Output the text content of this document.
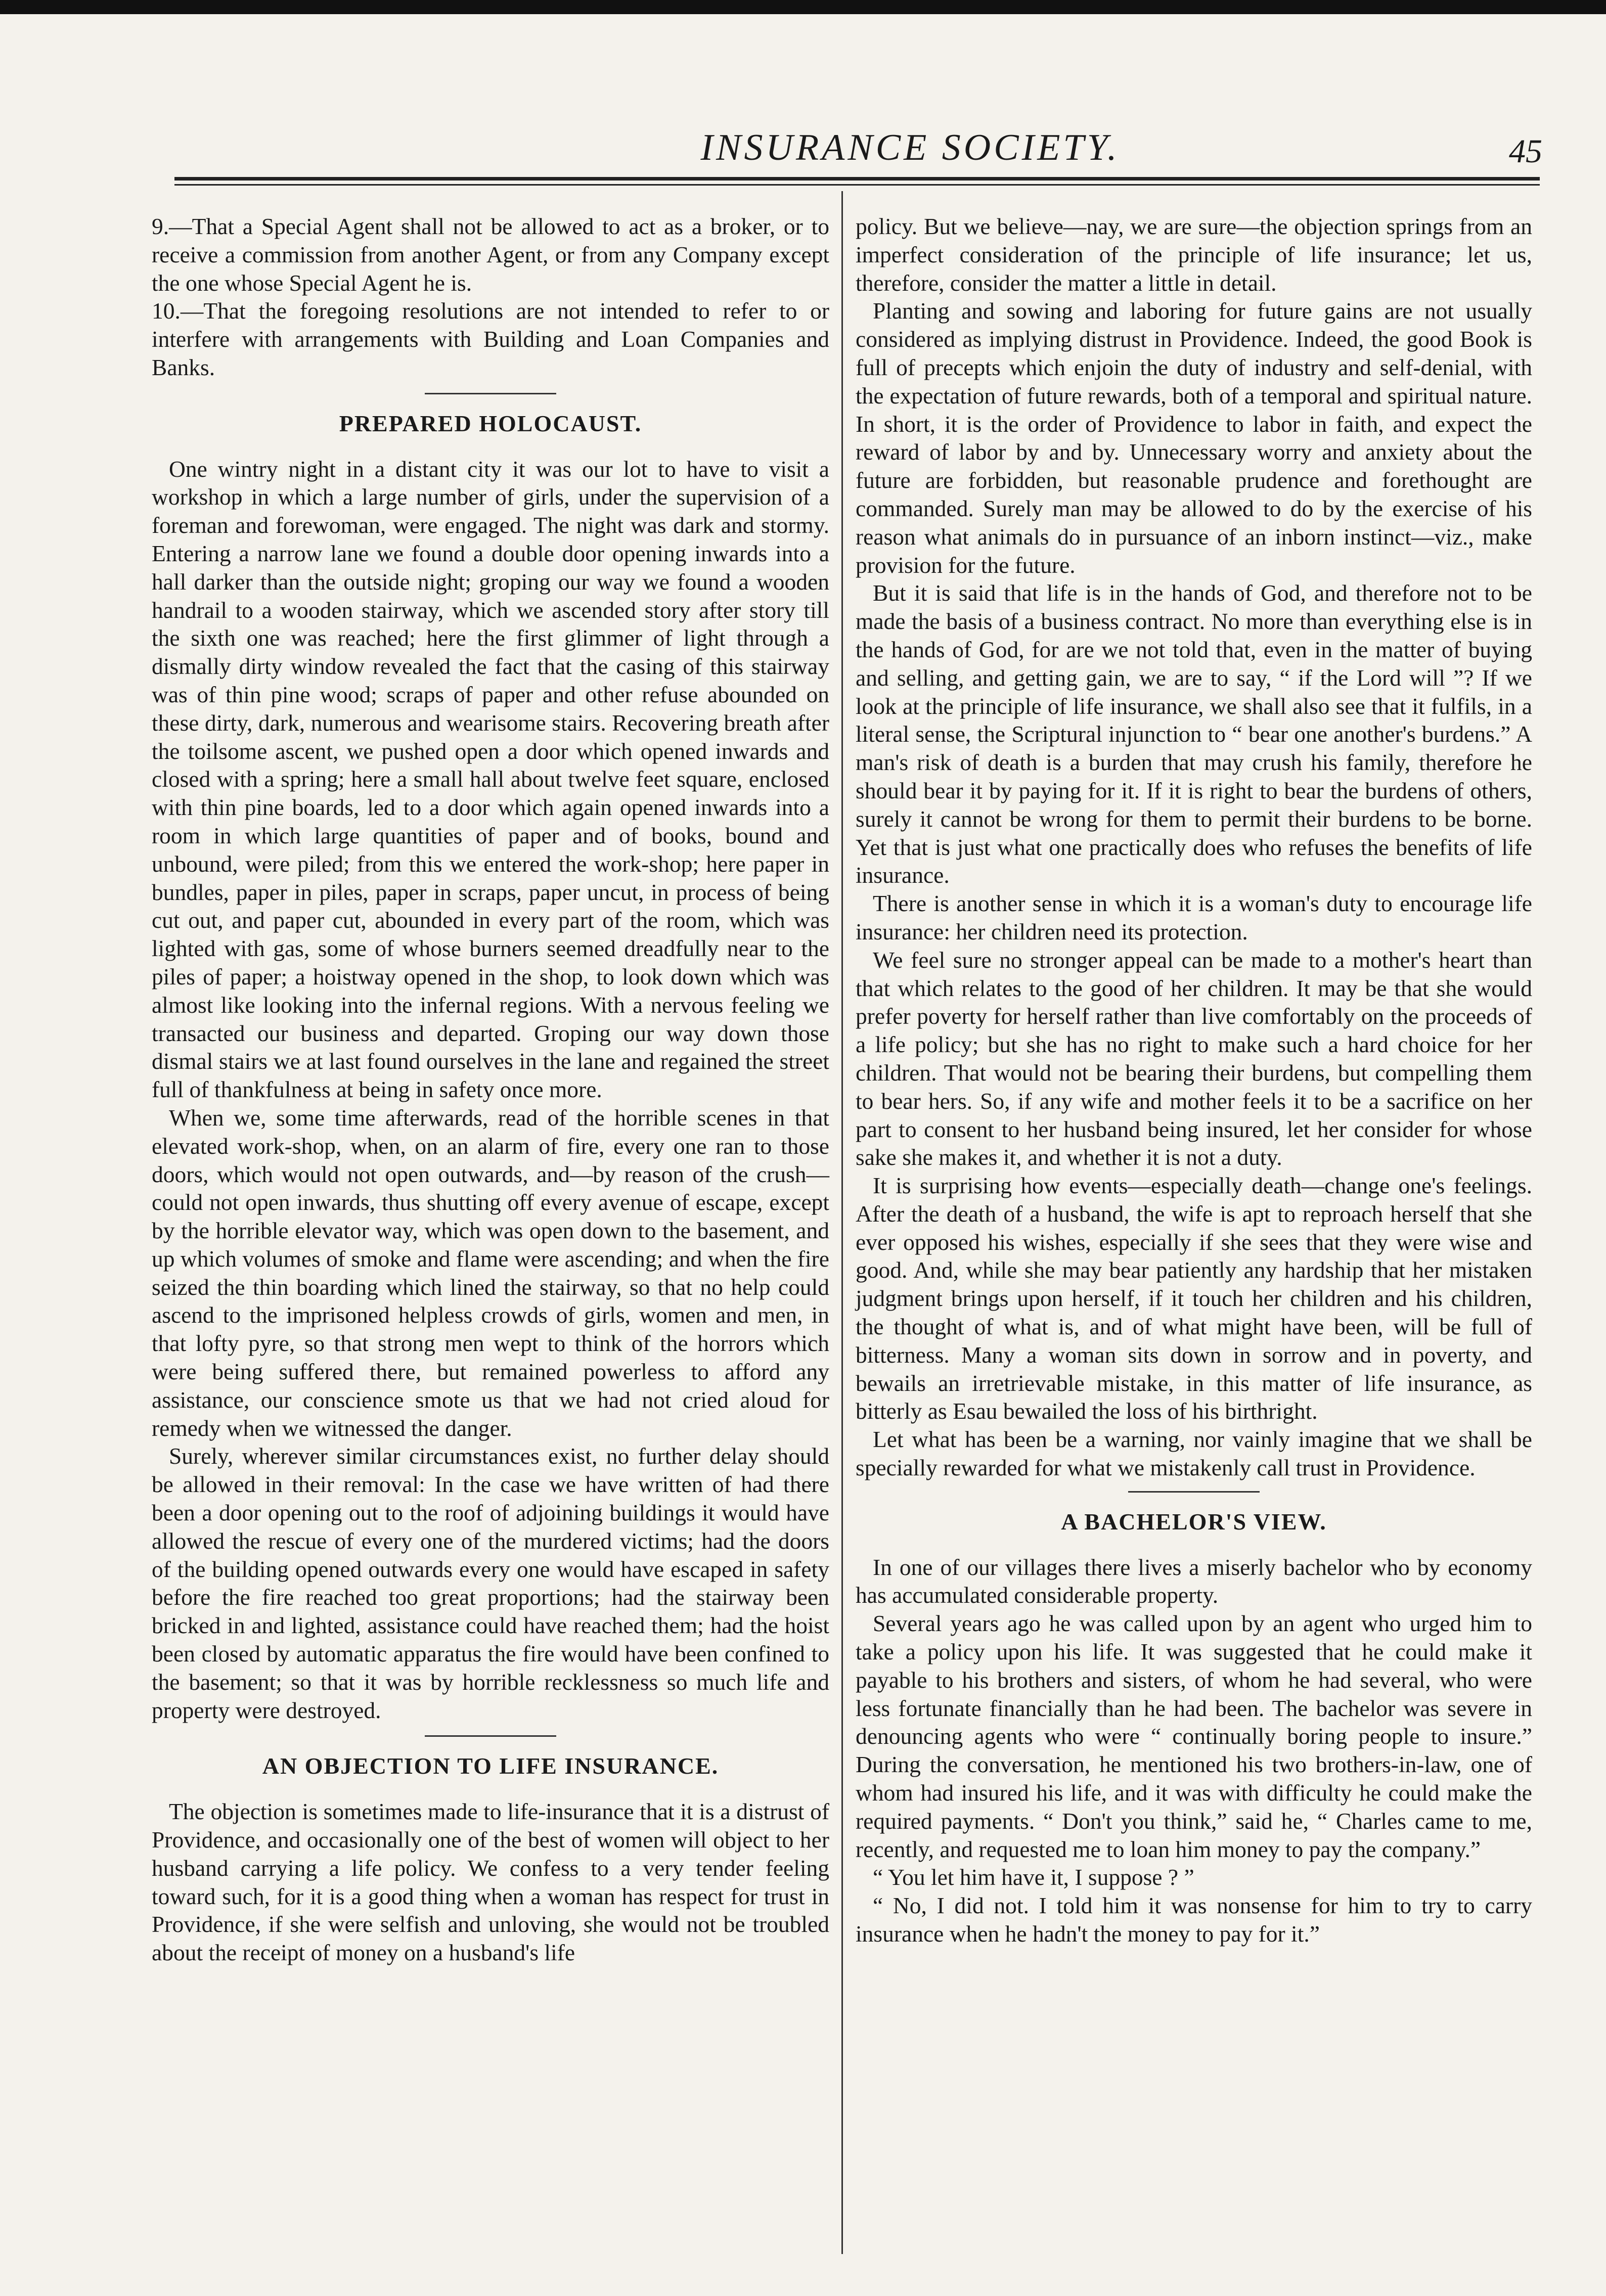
INSURANCE SOCIETY.	45

9.—That a Special Agent shall not be allowed to act as a broker, or to receive a commission from another Agent, or from any Company except the one whose Special Agent he is.

10.—That the foregoing resolutions are not intended to refer to or interfere with arrangements with Building and Loan Companies and Banks.

PREPARED HOLOCAUST.

One wintry night in a distant city it was our lot to have to visit a workshop in which a large number of girls, under the supervision of a foreman and forewoman, were engaged. The night was dark and stormy. Entering a narrow lane we found a double door opening inwards into a hall darker than the outside night; groping our way we found a wooden handrail to a wooden stairway, which we ascended story after story till the sixth one was reached; here the first glimmer of light through a dismally dirty window revealed the fact that the casing of this stairway was of thin pine wood; scraps of paper and other refuse abounded on these dirty, dark, numerous and wearisome stairs. Recovering breath after the toilsome ascent, we pushed open a door which opened inwards and closed with a spring; here a small hall about twelve feet square, enclosed with thin pine boards, led to a door which again opened inwards into a room in which large quantities of paper and of books, bound and unbound, were piled; from this we entered the work-shop; here paper in bundles, paper in piles, paper in scraps, paper uncut, in process of being cut out, and paper cut, abounded in every part of the room, which was lighted with gas, some of whose burners seemed dreadfully near to the piles of paper; a hoistway opened in the shop, to look down which was almost like looking into the infernal regions. With a nervous feeling we transacted our business and departed. Groping our way down those dismal stairs we at last found ourselves in the lane and regained the street full of thankfulness at being in safety once more.

When we, some time afterwards, read of the horrible scenes in that elevated work-shop, when, on an alarm of fire, every one ran to those doors, which would not open outwards, and—by reason of the crush—could not open inwards, thus shutting off every avenue of escape, except by the horrible elevator way, which was open down to the basement, and up which volumes of smoke and flame were ascending; and when the fire seized the thin boarding which lined the stairway, so that no help could ascend to the imprisoned helpless crowds of girls, women and men, in that lofty pyre, so that strong men wept to think of the horrors which were being suffered there, but remained powerless to afford any assistance, our conscience smote us that we had not cried aloud for remedy when we witnessed the danger.

Surely, wherever similar circumstances exist, no further delay should be allowed in their removal: In the case we have written of had there been a door opening out to the roof of adjoining buildings it would have allowed the rescue of every one of the murdered victims; had the doors of the building opened outwards every one would have escaped in safety before the fire reached too great proportions; had the stairway been bricked in and lighted, assistance could have reached them; had the hoist been closed by automatic apparatus the fire would have been confined to the basement; so that it was by horrible recklessness so much life and property were destroyed.

AN OBJECTION TO LIFE INSURANCE.

The objection is sometimes made to life-insurance that it is a distrust of Providence, and occasionally one of the best of women will object to her husband carrying a life policy. We confess to a very tender feeling toward such, for it is a good thing when a woman has respect for trust in Providence, if she were selfish and unloving, she would not be troubled about the receipt of money on a husband's life

policy. But we believe—nay, we are sure—the objection springs from an imperfect consideration of the principle of life insurance; let us, therefore, consider the matter a little in detail.

Planting and sowing and laboring for future gains are not usually considered as implying distrust in Providence. Indeed, the good Book is full of precepts which enjoin the duty of industry and self-denial, with the expectation of future rewards, both of a temporal and spiritual nature. In short, it is the order of Providence to labor in faith, and expect the reward of labor by and by. Unnecessary worry and anxiety about the future are forbidden, but reasonable prudence and forethought are commanded. Surely man may be allowed to do by the exercise of his reason what animals do in pursuance of an inborn instinct—viz., make provision for the future.

But it is said that life is in the hands of God, and therefore not to be made the basis of a business contract. No more than everything else is in the hands of God, for are we not told that, even in the matter of buying and selling, and getting gain, we are to say, “ if the Lord will ”? If we look at the principle of life insurance, we shall also see that it fulfils, in a literal sense, the Scriptural injunction to “ bear one another's burdens.” A man's risk of death is a burden that may crush his family, therefore he should bear it by paying for it. If it is right to bear the burdens of others, surely it cannot be wrong for them to permit their burdens to be borne. Yet that is just what one practically does who refuses the benefits of life insurance.

There is another sense in which it is a woman's duty to encourage life insurance: her children need its protection.

We feel sure no stronger appeal can be made to a mother's heart than that which relates to the good of her children. It may be that she would prefer poverty for herself rather than live comfortably on the proceeds of a life policy; but she has no right to make such a hard choice for her children. That would not be bearing their burdens, but compelling them to bear hers. So, if any wife and mother feels it to be a sacrifice on her part to consent to her husband being insured, let her consider for whose sake she makes it, and whether it is not a duty.

It is surprising how events—especially death—change one's feelings. After the death of a husband, the wife is apt to reproach herself that she ever opposed his wishes, especially if she sees that they were wise and good. And, while she may bear patiently any hardship that her mistaken judgment brings upon herself, if it touch her children and his children, the thought of what is, and of what might have been, will be full of bitterness. Many a woman sits down in sorrow and in poverty, and bewails an irretrievable mistake, in this matter of life insurance, as bitterly as Esau bewailed the loss of his birthright.

Let what has been be a warning, nor vainly imagine that we shall be specially rewarded for what we mistakenly call trust in Providence.

A BACHELOR'S VIEW.

In one of our villages there lives a miserly bachelor who by economy has accumulated considerable property.

Several years ago he was called upon by an agent who urged him to take a policy upon his life. It was suggested that he could make it payable to his brothers and sisters, of whom he had several, who were less fortunate financially than he had been. The bachelor was severe in denouncing agents who were “ continually boring people to insure.” During the conversation, he mentioned his two brothers-in-law, one of whom had insured his life, and it was with difficulty he could make the required payments. “ Don't you think,” said he, “ Charles came to me, recently, and requested me to loan him money to pay the company.”

“ You let him have it, I suppose ? ”

“ No, I did not. I told him it was nonsense for him to try to carry insurance when he hadn't the money to pay for it.”
